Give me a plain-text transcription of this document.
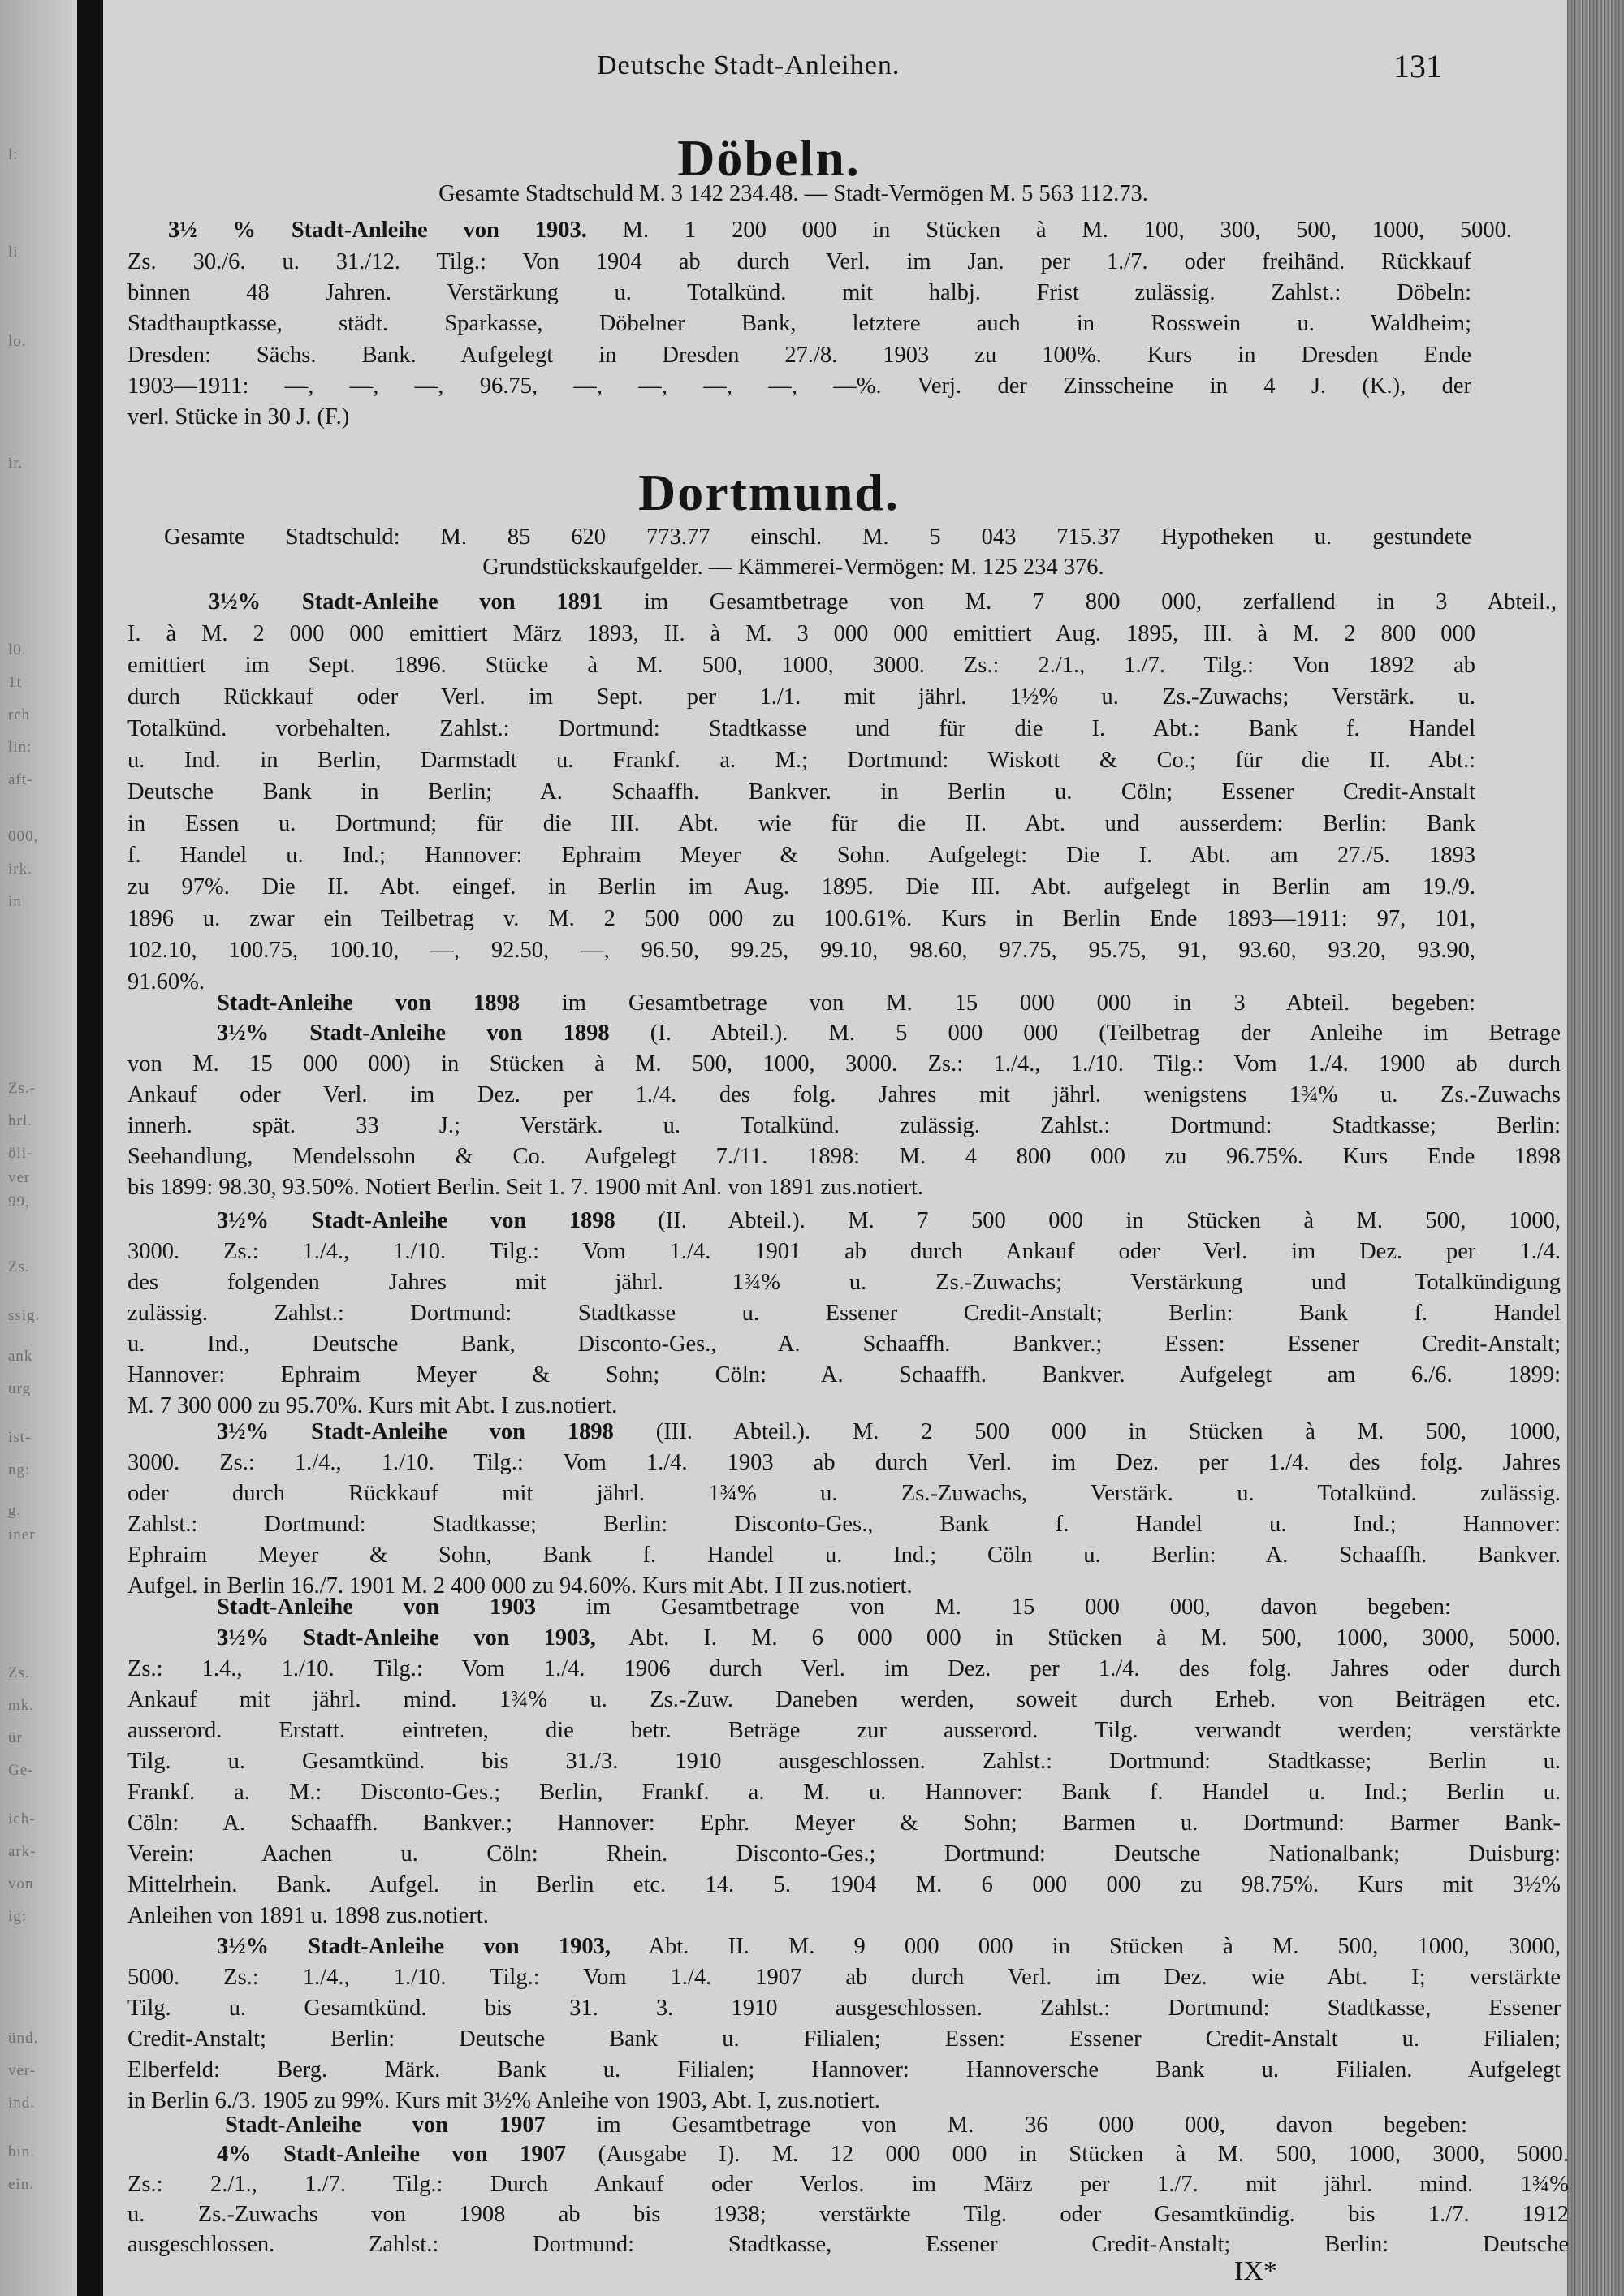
l:
li
lo.
ir.
l0.
1t
rch
lin:
äft-
000,
irk.
in
Zs.-
hrl.
öli-
ver
99,
Zs.
ssig.
ank
urg
ist-
ng:
g.
iner
Zs.
mk.
ür
Ge-
ich-
ark-
von
ig:
ünd.
ver-
ind.
bin.
ein.
Deutsche Stadt-Anleihen.	131
Döbeln.
Gesamte Stadtschuld M. 3 142 234.48. — Stadt-Vermögen M. 5 563 112.73.
3½ % Stadt-Anleihe von 1903. M. 1 200 000 in Stücken à M. 100, 300, 500, 1000, 5000.
Zs. 30./6. u. 31./12. Tilg.: Von 1904 ab durch Verl. im Jan. per 1./7. oder freihänd. Rückkauf
binnen 48 Jahren. Verstärkung u. Totalkünd. mit halbj. Frist zulässig. Zahlst.: Döbeln:
Stadthauptkasse, städt. Sparkasse, Döbelner Bank, letztere auch in Rosswein u. Waldheim;
Dresden: Sächs. Bank. Aufgelegt in Dresden 27./8. 1903 zu 100%. Kurs in Dresden Ende
1903—1911: —, —, —, 96.75, —, —, —, —, —%. Verj. der Zinsscheine in 4 J. (K.), der
verl. Stücke in 30 J. (F.)
Dortmund.
Gesamte Stadtschuld: M. 85 620 773.77 einschl. M. 5 043 715.37 Hypotheken u. gestundete
Grundstückskaufgelder. — Kämmerei-Vermögen: M. 125 234 376.
3½% Stadt-Anleihe von 1891 im Gesamtbetrage von M. 7 800 000, zerfallend in 3 Abteil.,
I. à M. 2 000 000 emittiert März 1893, II. à M. 3 000 000 emittiert Aug. 1895, III. à M. 2 800 000
emittiert im Sept. 1896. Stücke à M. 500, 1000, 3000. Zs.: 2./1., 1./7. Tilg.: Von 1892 ab
durch Rückkauf oder Verl. im Sept. per 1./1. mit jährl. 1½% u. Zs.-Zuwachs; Verstärk. u.
Totalkünd. vorbehalten. Zahlst.: Dortmund: Stadtkasse und für die I. Abt.: Bank f. Handel
u. Ind. in Berlin, Darmstadt u. Frankf. a. M.; Dortmund: Wiskott & Co.; für die II. Abt.:
Deutsche Bank in Berlin; A. Schaaffh. Bankver. in Berlin u. Cöln; Essener Credit-Anstalt
in Essen u. Dortmund; für die III. Abt. wie für die II. Abt. und ausserdem: Berlin: Bank
f. Handel u. Ind.; Hannover: Ephraim Meyer & Sohn. Aufgelegt: Die I. Abt. am 27./5. 1893
zu 97%. Die II. Abt. eingef. in Berlin im Aug. 1895. Die III. Abt. aufgelegt in Berlin am 19./9.
1896 u. zwar ein Teilbetrag v. M. 2 500 000 zu 100.61%. Kurs in Berlin Ende 1893—1911: 97, 101,
102.10, 100.75, 100.10, —, 92.50, —, 96.50, 99.25, 99.10, 98.60, 97.75, 95.75, 91, 93.60, 93.20, 93.90,
91.60%.
Stadt-Anleihe von 1898 im Gesamtbetrage von M. 15 000 000 in 3 Abteil. begeben:
3½% Stadt-Anleihe von 1898 (I. Abteil.). M. 5 000 000 (Teilbetrag der Anleihe im Betrage
von M. 15 000 000) in Stücken à M. 500, 1000, 3000. Zs.: 1./4., 1./10. Tilg.: Vom 1./4. 1900 ab durch
Ankauf oder Verl. im Dez. per 1./4. des folg. Jahres mit jährl. wenigstens 1¾% u. Zs.-Zuwachs
innerh. spät. 33 J.; Verstärk. u. Totalkünd. zulässig. Zahlst.: Dortmund: Stadtkasse; Berlin:
Seehandlung, Mendelssohn & Co. Aufgelegt 7./11. 1898: M. 4 800 000 zu 96.75%. Kurs Ende 1898
bis 1899: 98.30, 93.50%. Notiert Berlin. Seit 1. 7. 1900 mit Anl. von 1891 zus.notiert.
3½% Stadt-Anleihe von 1898 (II. Abteil.). M. 7 500 000 in Stücken à M. 500, 1000,
3000. Zs.: 1./4., 1./10. Tilg.: Vom 1./4. 1901 ab durch Ankauf oder Verl. im Dez. per 1./4.
des folgenden Jahres mit jährl. 1¾% u. Zs.-Zuwachs; Verstärkung und Totalkündigung
zulässig. Zahlst.: Dortmund: Stadtkasse u. Essener Credit-Anstalt; Berlin: Bank f. Handel
u. Ind., Deutsche Bank, Disconto-Ges., A. Schaaffh. Bankver.; Essen: Essener Credit-Anstalt;
Hannover: Ephraim Meyer & Sohn; Cöln: A. Schaaffh. Bankver. Aufgelegt am 6./6. 1899:
M. 7 300 000 zu 95.70%. Kurs mit Abt. I zus.notiert.
3½% Stadt-Anleihe von 1898 (III. Abteil.). M. 2 500 000 in Stücken à M. 500, 1000,
3000. Zs.: 1./4., 1./10. Tilg.: Vom 1./4. 1903 ab durch Verl. im Dez. per 1./4. des folg. Jahres
oder durch Rückkauf mit jährl. 1¾% u. Zs.-Zuwachs, Verstärk. u. Totalkünd. zulässig.
Zahlst.: Dortmund: Stadtkasse; Berlin: Disconto-Ges., Bank f. Handel u. Ind.; Hannover:
Ephraim Meyer & Sohn, Bank f. Handel u. Ind.; Cöln u. Berlin: A. Schaaffh. Bankver.
Aufgel. in Berlin 16./7. 1901 M. 2 400 000 zu 94.60%. Kurs mit Abt. I II zus.notiert.
Stadt-Anleihe von 1903 im Gesamtbetrage von M. 15 000 000, davon begeben:
3½% Stadt-Anleihe von 1903, Abt. I. M. 6 000 000 in Stücken à M. 500, 1000, 3000, 5000.
Zs.: 1.4., 1./10. Tilg.: Vom 1./4. 1906 durch Verl. im Dez. per 1./4. des folg. Jahres oder durch
Ankauf mit jährl. mind. 1¾% u. Zs.-Zuw. Daneben werden, soweit durch Erheb. von Beiträgen etc.
ausserord. Erstatt. eintreten, die betr. Beträge zur ausserord. Tilg. verwandt werden; verstärkte
Tilg. u. Gesamtkünd. bis 31./3. 1910 ausgeschlossen. Zahlst.: Dortmund: Stadtkasse; Berlin u.
Frankf. a. M.: Disconto-Ges.; Berlin, Frankf. a. M. u. Hannover: Bank f. Handel u. Ind.; Berlin u.
Cöln: A. Schaaffh. Bankver.; Hannover: Ephr. Meyer & Sohn; Barmen u. Dortmund: Barmer Bank-
Verein: Aachen u. Cöln: Rhein. Disconto-Ges.; Dortmund: Deutsche Nationalbank; Duisburg:
Mittelrhein. Bank. Aufgel. in Berlin etc. 14. 5. 1904 M. 6 000 000 zu 98.75%. Kurs mit 3½%
Anleihen von 1891 u. 1898 zus.notiert.
3½% Stadt-Anleihe von 1903, Abt. II. M. 9 000 000 in Stücken à M. 500, 1000, 3000,
5000. Zs.: 1./4., 1./10. Tilg.: Vom 1./4. 1907 ab durch Verl. im Dez. wie Abt. I; verstärkte
Tilg. u. Gesamtkünd. bis 31. 3. 1910 ausgeschlossen. Zahlst.: Dortmund: Stadtkasse, Essener
Credit-Anstalt; Berlin: Deutsche Bank u. Filialen; Essen: Essener Credit-Anstalt u. Filialen;
Elberfeld: Berg. Märk. Bank u. Filialen; Hannover: Hannoversche Bank u. Filialen. Aufgelegt
in Berlin 6./3. 1905 zu 99%. Kurs mit 3½% Anleihe von 1903, Abt. I, zus.notiert.
Stadt-Anleihe von 1907 im Gesamtbetrage von M. 36 000 000, davon begeben:
4% Stadt-Anleihe von 1907 (Ausgabe I). M. 12 000 000 in Stücken à M. 500, 1000, 3000, 5000.
Zs.: 2./1., 1./7. Tilg.: Durch Ankauf oder Verlos. im März per 1./7. mit jährl. mind. 1¾%
u. Zs.-Zuwachs von 1908 ab bis 1938; verstärkte Tilg. oder Gesamtkündig. bis 1./7. 1912
ausgeschlossen. Zahlst.: Dortmund: Stadtkasse, Essener Credit-Anstalt; Berlin: Deutsche
IX*
